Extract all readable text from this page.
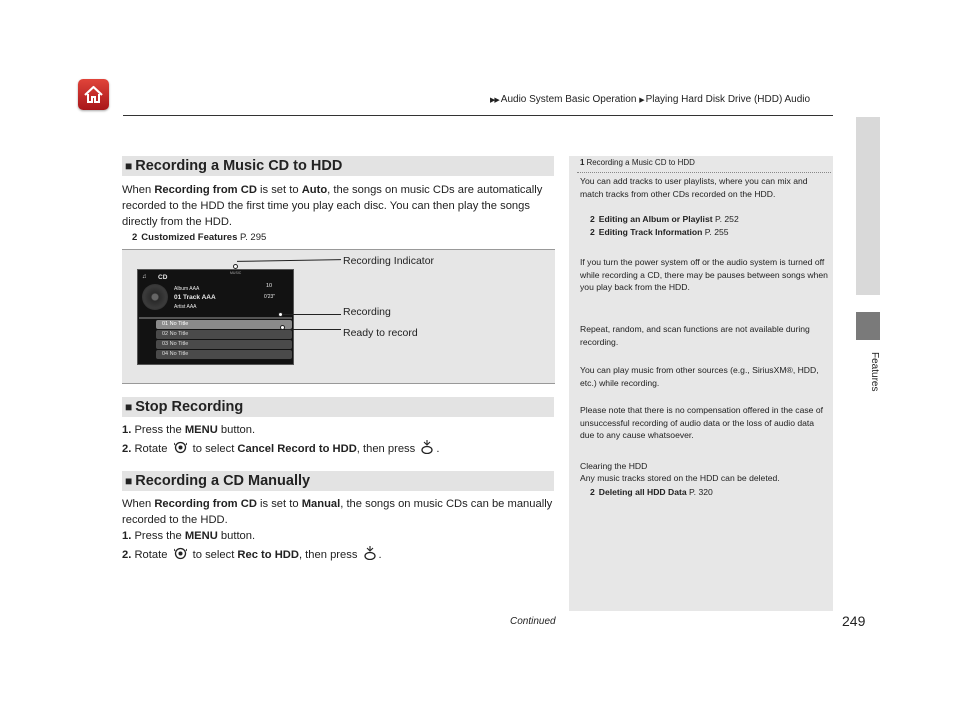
▶▶ Audio System Basic Operation ▶ Playing Hard Disk Drive (HDD) Audio
Features
■ Recording a Music CD to HDD
When Recording from CD is set to Auto, the songs on music CDs are automatically recorded to the HDD the first time you play each disc. You can then play the songs directly from the HDD.
2 Customized Features P. 295
♫ CD
MUSIC
10
Album AAA
01 Track AAA	0'23"
Artist AAA
01 No Title
02 No Title
03 No Title
04 No Title
Recording Indicator
Recording
Ready to record
■ Stop Recording
1. Press the MENU button.
2. Rotate to select Cancel Record to HDD, then press .
■ Recording a CD Manually
When Recording from CD is set to Manual, the songs on music CDs can be manually recorded to the HDD.
1. Press the MENU button.
2. Rotate to select Rec to HDD, then press .
1 Recording a Music CD to HDD
You can add tracks to user playlists, where you can mix and match tracks from other CDs recorded on the HDD.
2 Editing an Album or Playlist P. 252
2 Editing Track Information P. 255
If you turn the power system off or the audio system is turned off while recording a CD, there may be pauses between songs when you play back from the HDD.
Repeat, random, and scan functions are not available during recording.
You can play music from other sources (e.g., SiriusXM®, HDD, etc.) while recording.
Please note that there is no compensation offered in the case of unsuccessful recording of audio data or the loss of audio data due to any cause whatsoever.
Clearing the HDD
Any music tracks stored on the HDD can be deleted.
2 Deleting all HDD Data P. 320
Continued	249
